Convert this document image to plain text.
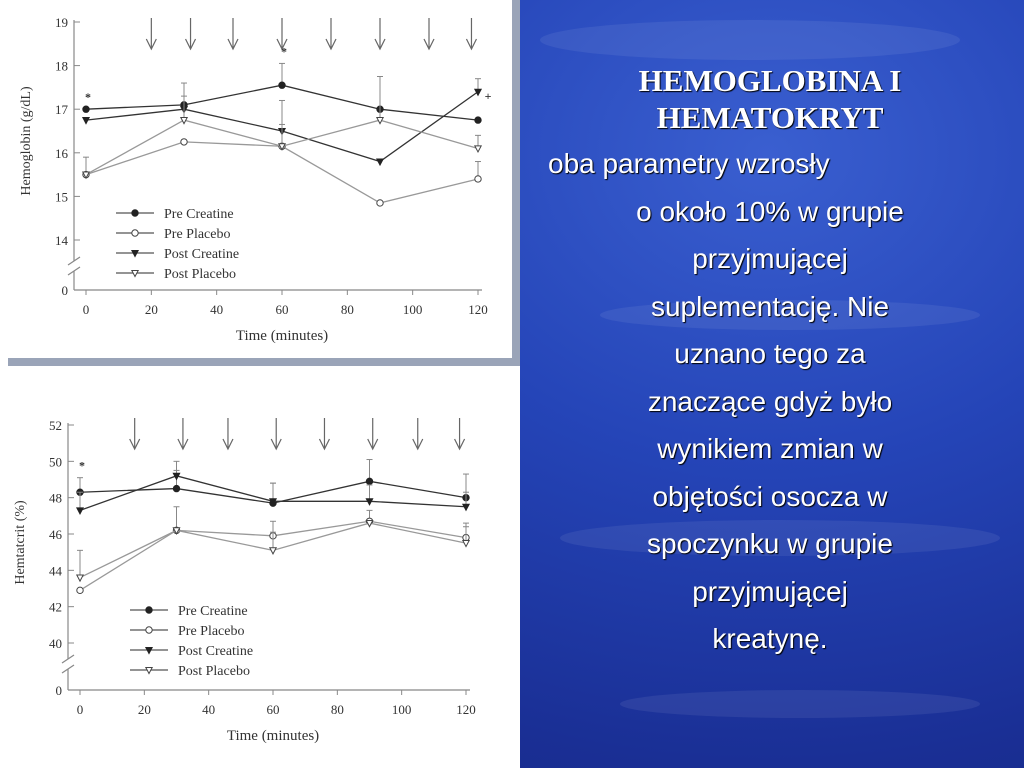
0
14
15
16
17
18
19
0	20	40	60	80	100	120
Time (minutes)
Hemoglobin (g/dL)	*
*
+
Pre Creatine
Pre Placebo
Post Creatine
Post Placebo
0
40
42
44
46
48
50
52
0	20	40	60	80	100	120
Time (minutes)
Hemtatcrit (%)
*
Pre Creatine
Pre Placebo
Post Creatine
Post Placebo
HEMOGLOBINA I
HEMATOKRYT
oba parametry wzrosły
o około 10% w grupie
przyjmującej
suplementację. Nie
uznano tego za
znaczące gdyż było
wynikiem zmian w
objętości osocza w
spoczynku w grupie
przyjmującej
kreatynę.
